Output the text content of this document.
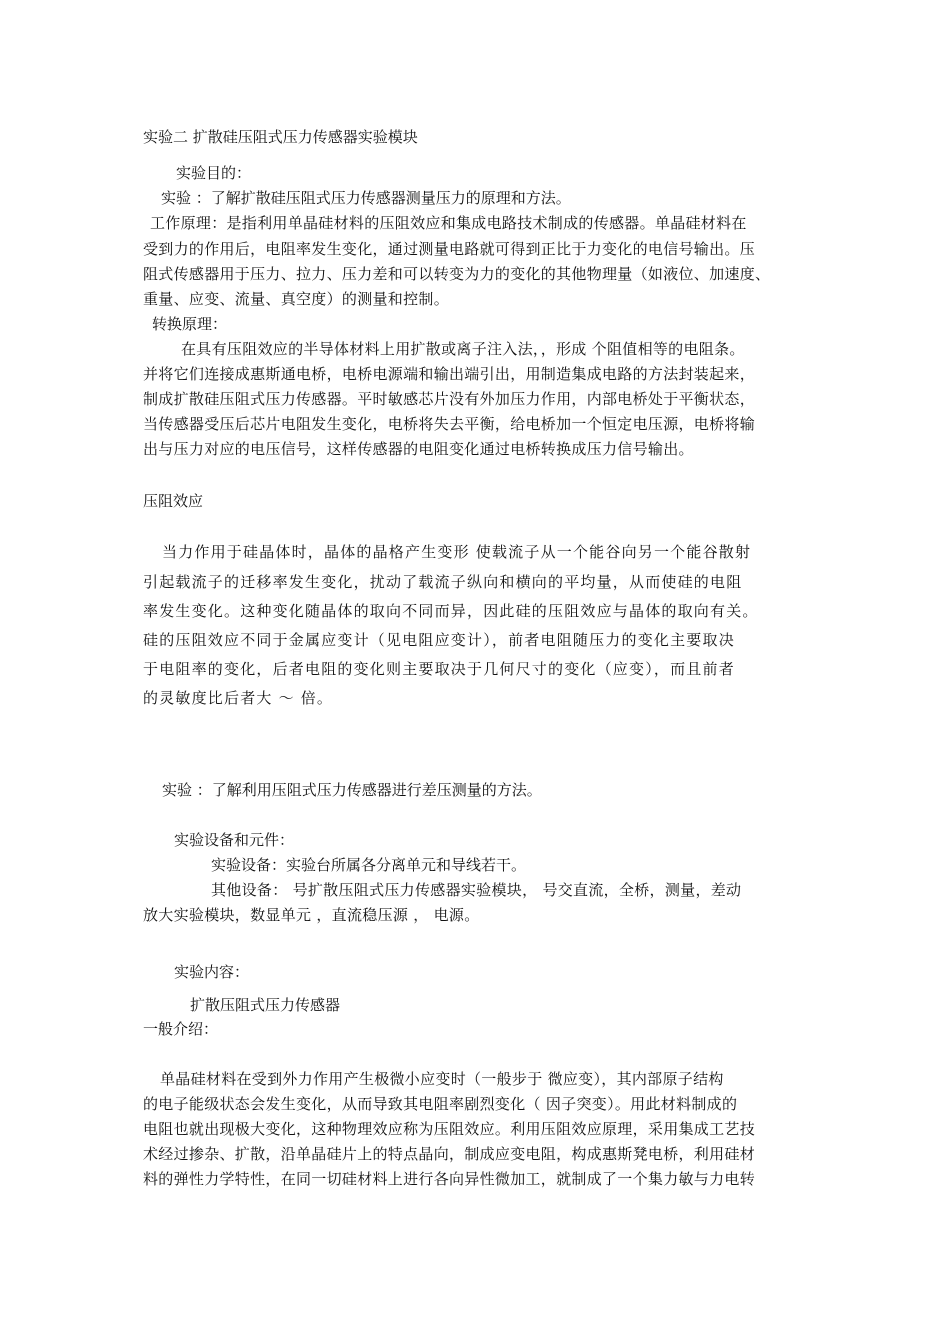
实验二 扩散硅压阻式压力传感器实验模块
实验目的：
实验 ：了解扩散硅压阻式压力传感器测量压力的原理和方法。
工作原理：是指利用单晶硅材料的压阻效应和集成电路技术制成的传感器。单晶硅材料在
受到力的作用后，电阻率发生变化，通过测量电路就可得到正比于力变化的电信号输出。压
阻式传感器用于压力、拉力、压力差和可以转变为力的变化的其他物理量（如液位、加速度、
重量、应变、流量、真空度）的测量和控制。
转换原理：
在具有压阻效应的半导体材料上用扩散或离子注入法，，形成 个阻值相等的电阻条。
并将它们连接成惠斯通电桥，电桥电源端和输出端引出，用制造集成电路的方法封装起来，
制成扩散硅压阻式压力传感器。平时敏感芯片没有外加压力作用，内部电桥处于平衡状态，
当传感器受压后芯片电阻发生变化，电桥将失去平衡，给电桥加一个恒定电压源，电桥将输
出与压力对应的电压信号，这样传感器的电阻变化通过电桥转换成压力信号输出。
压阻效应
当力作用于硅晶体时，晶体的晶格产生变形 使载流子从一个能谷向另一个能谷散射
引起载流子的迁移率发生变化，扰动了载流子纵向和横向的平均量，从而使硅的电阻
率发生变化。这种变化随晶体的取向不同而异，因此硅的压阻效应与晶体的取向有关。
硅的压阻效应不同于金属应变计（见电阻应变计），前者电阻随压力的变化主要取决
于电阻率的变化，后者电阻的变化则主要取决于几何尺寸的变化（应变），而且前者
的灵敏度比后者大 ～ 倍。
实验 ：了解利用压阻式压力传感器进行差压测量的方法。
实验设备和元件：
实验设备：实验台所属各分离单元和导线若干。
其他设备： 号扩散压阻式压力传感器实验模块， 号交直流，全桥，测量，差动
放大实验模块，数显单元 ，直流稳压源 ， 电源。
实验内容：
扩散压阻式压力传感器
一般介绍：
单晶硅材料在受到外力作用产生极微小应变时（一般步于 微应变），其内部原子结构
的电子能级状态会发生变化，从而导致其电阻率剧烈变化（ 因子突变）。用此材料制成的
电阻也就出现极大变化，这种物理效应称为压阻效应。利用压阻效应原理，采用集成工艺技
术经过掺杂、扩散，沿单晶硅片上的特点晶向，制成应变电阻，构成惠斯凳电桥，利用硅材
料的弹性力学特性，在同一切硅材料上进行各向异性微加工，就制成了一个集力敏与力电转
